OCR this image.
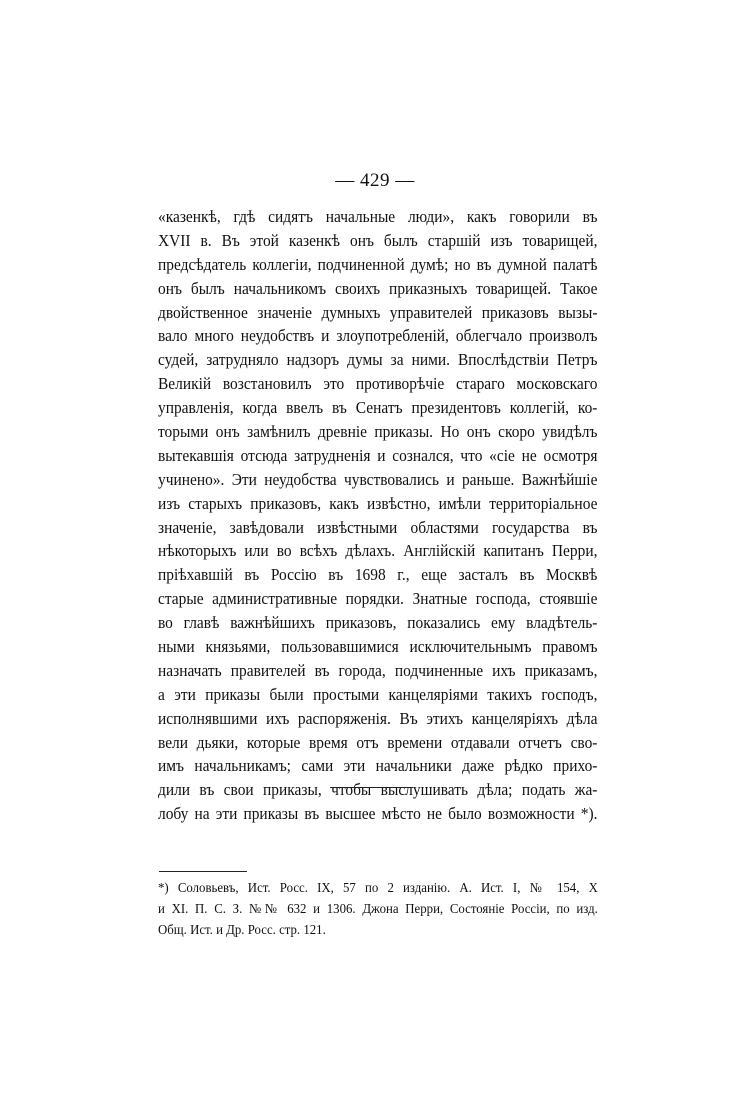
— 429 —
«казенкѣ, гдѣ сидятъ начальные люди», какъ говорили въ
XVII в. Въ этой казенкѣ онъ былъ старшій изъ товарищей,
предсѣдатель коллегіи, подчиненной думѣ; но въ думной палатѣ
онъ былъ начальникомъ своихъ приказныхъ товарищей. Такое
двойственное значеніе думныхъ управителей приказовъ вызы-
вало много неудобствъ и злоупотребленій, облегчало произволъ
судей, затрудняло надзоръ думы за ними. Впослѣдствіи Петръ
Великій возстановилъ это противорѣчіе стараго московскаго
управленія, когда ввелъ въ Сенатъ президентовъ коллегій, ко-
торыми онъ замѣнилъ древніе приказы. Но онъ скоро увидѣлъ
вытекавшія отсюда затрудненія и сознался, что «сіе не осмотря
учинено». Эти неудобства чувствовались и раньше. Важнѣйшіе
изъ старыхъ приказовъ, какъ извѣстно, имѣли территоріальное
значеніе, завѣдовали извѣстными областями государства въ
нѣкоторыхъ или во всѣхъ дѣлахъ. Англійскій капитанъ Перри,
пріѣхавшій въ Россію въ 1698 г., еще засталъ въ Москвѣ
старые административные порядки. Знатные господа, стоявшіе
во главѣ важнѣйшихъ приказовъ, показались ему владѣтель-
ными князьями, пользовавшимися исключительнымъ правомъ
назначать правителей въ города, подчиненные ихъ приказамъ,
а эти приказы были простыми канцеляріями такихъ господъ,
исполнявшими ихъ распоряженія. Въ этихъ канцеляріяхъ дѣла
вели дьяки, которые время отъ времени отдавали отчетъ сво-
имъ начальникамъ; сами эти начальники даже рѣдко прихо-
дили въ свои приказы, чтобы выслушивать дѣла; подать жа-
лобу на эти приказы въ высшее мѣсто не было возможности *).
*) Соловьевъ, Ист. Росс. IX, 57 по 2 изданію. А. Ист. I, № 154, X
и XI. П. С. З. №№ 632 и 1306. Джона Перри, Состояніе Россіи, по изд.
Общ. Ист. и Др. Росс. стр. 121.
